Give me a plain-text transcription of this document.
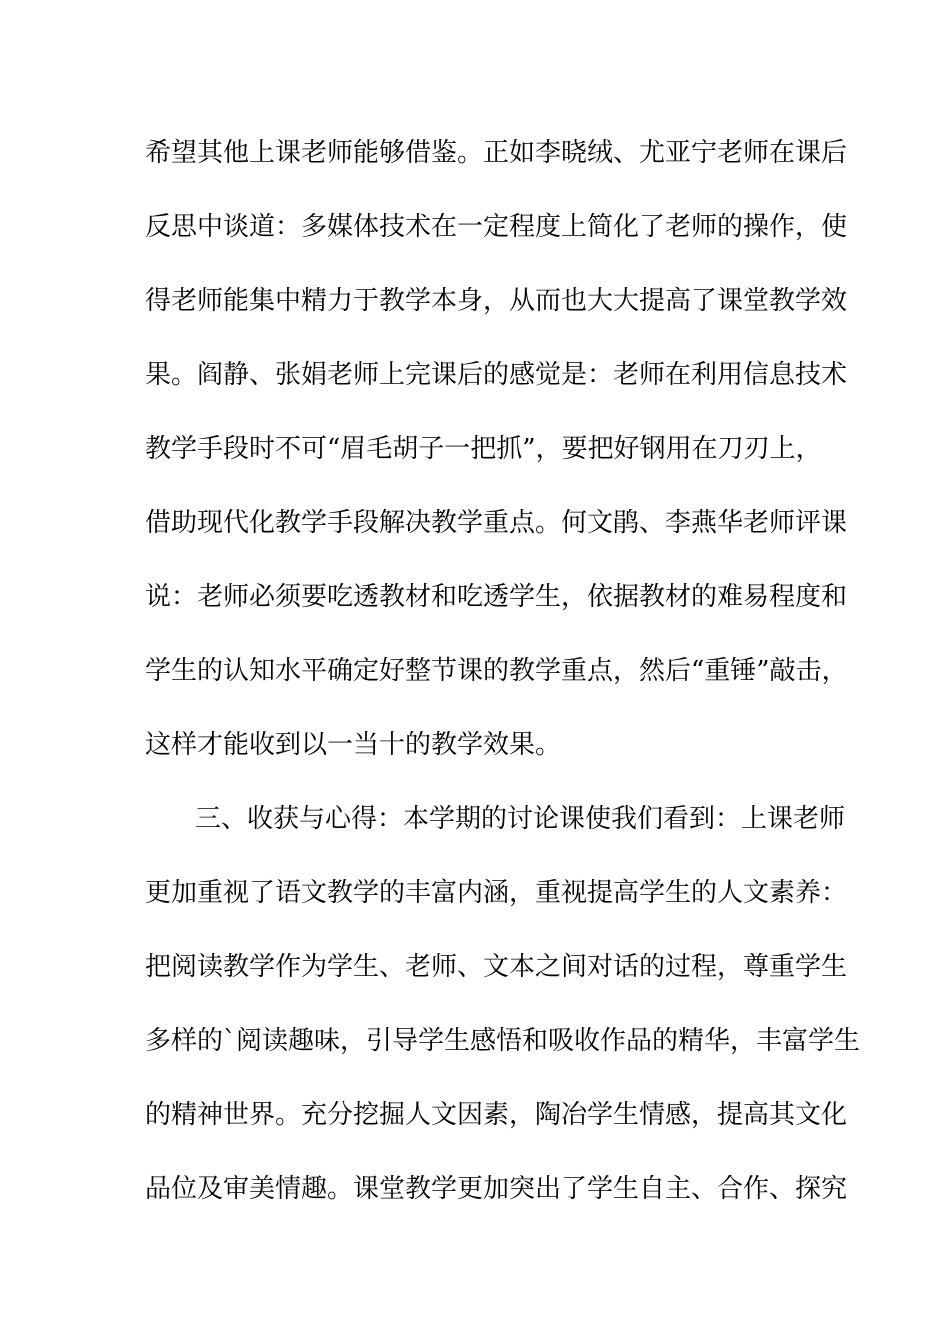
希望其他上课老师能够借鉴。正如李晓绒、尤亚宁老师在课后
反思中谈道：多媒体技术在一定程度上简化了老师的操作，使
得老师能集中精力于教学本身，从而也大大提高了课堂教学效
果。阎静、张娟老师上完课后的感觉是：老师在利用信息技术
教学手段时不可“眉毛胡子一把抓”，要把好钢用在刀刃上，
借助现代化教学手段解决教学重点。何文鹃、李燕华老师评课
说：老师必须要吃透教材和吃透学生，依据教材的难易程度和
学生的认知水平确定好整节课的教学重点，然后“重锤”敲击，
这样才能收到以一当十的教学效果。
三、收获与心得：本学期的讨论课使我们看到：上课老师
更加重视了语文教学的丰富内涵，重视提高学生的人文素养：
把阅读教学作为学生、老师、文本之间对话的过程，尊重学生
多样的`阅读趣味，引导学生感悟和吸收作品的精华，丰富学生
的精神世界。充分挖掘人文因素，陶冶学生情感，提高其文化
品位及审美情趣。课堂教学更加突出了学生自主、合作、探究
